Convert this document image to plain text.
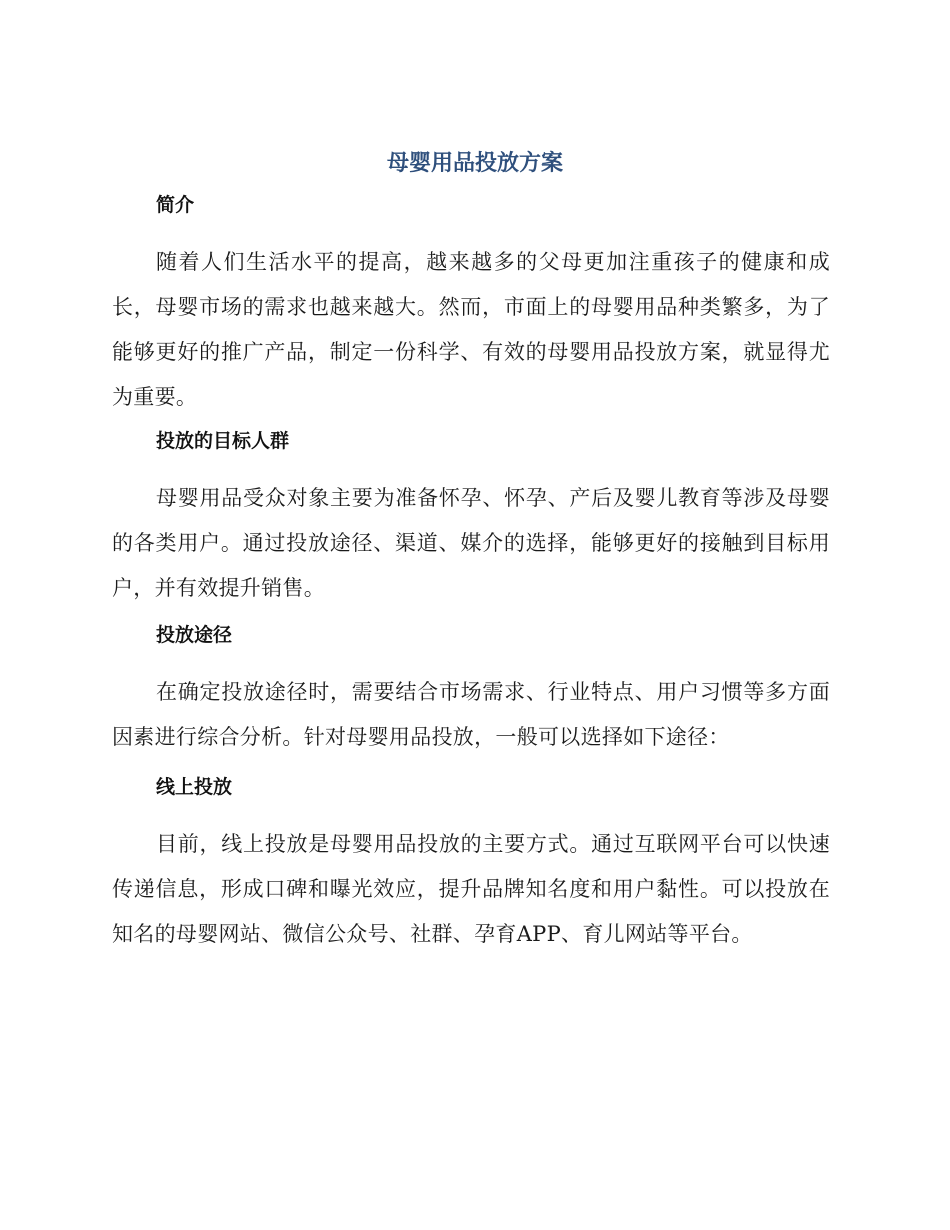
母婴用品投放方案
简介

随着人们生活水平的提高，越来越多的父母更加注重孩子的健康和成长，母婴市场的需求也越来越大。然而，市面上的母婴用品种类繁多，为了能够更好的推广产品，制定一份科学、有效的母婴用品投放方案，就显得尤为重要。

投放的目标人群

母婴用品受众对象主要为准备怀孕、怀孕、产后及婴儿教育等涉及母婴的各类用户。通过投放途径、渠道、媒介的选择，能够更好的接触到目标用户，并有效提升销售。

投放途径

在确定投放途径时，需要结合市场需求、行业特点、用户习惯等多方面因素进行综合分析。针对母婴用品投放，一般可以选择如下途径：

线上投放

目前，线上投放是母婴用品投放的主要方式。通过互联网平台可以快速传递信息，形成口碑和曝光效应，提升品牌知名度和用户黏性。可以投放在知名的母婴网站、微信公众号、社群、孕育APP、育儿网站等平台。
